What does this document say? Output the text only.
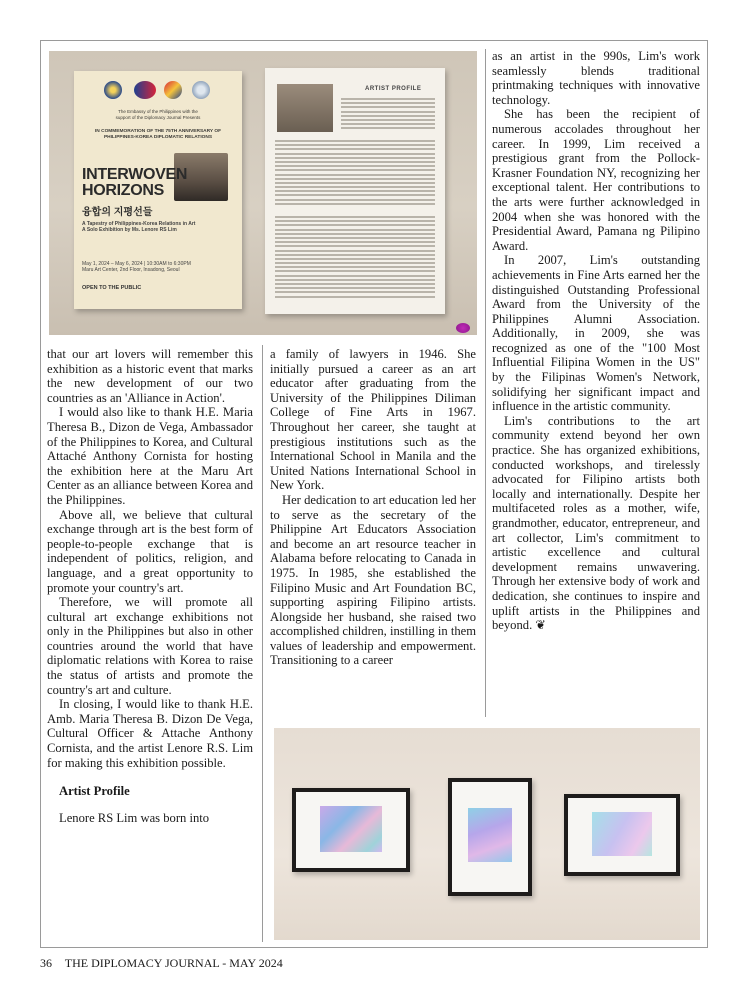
The Embassy of the Philippines with the
support of the Diplomacy Journal Presents
IN COMMEMORATION OF THE 75TH ANNIVERSARY OF PHILIPPINES-KOREA DIPLOMATIC RELATIONS
INTERWOVEN
HORIZONS
융합의 지평선들
A Tapestry of Philippines-Korea Relations in Art
A Solo Exhibition by Ms. Lenore RS Lim
May 1, 2024 – May 6, 2024 | 10:30AM to 6:30PM
Maru Art Center, 2nd Floor, Insadong, Seoul
OPEN TO THE PUBLIC
ARTIST PROFILE

that our art lovers will remember this exhibition as a historic event that marks the new development of our two countries as an 'Alliance in Action'.

I would also like to thank H.E. Maria Theresa B., Dizon de Vega, Ambassador of the Philippines to Korea, and Cultural Attaché Anthony Cornista for hosting the exhibition here at the Maru Art Center as an alliance between Korea and the Philippines.

Above all, we believe that cultural exchange through art is the best form of people-to-people exchange that is independent of politics, religion, and language, and a great opportunity to promote your country's art.

Therefore, we will promote all cultural art exchange exhibitions not only in the Philippines but also in other countries around the world that have diplomatic relations with Korea to raise the status of artists and promote the country's art and culture.

In closing, I would like to thank H.E. Amb. Maria Theresa B. Dizon De Vega, Cultural Officer & Attache Anthony Cornista, and the artist Lenore R.S. Lim for making this exhibition possible.

Artist Profile

Lenore RS Lim was born into

a family of lawyers in 1946. She initially pursued a career as an art educator after graduating from the University of the Philippines Diliman College of Fine Arts in 1967. Throughout her career, she taught at prestigious institutions such as the International School in Manila and the United Nations International School in New York.

Her dedication to art education led her to serve as the secretary of the Philippine Art Educators Association and become an art resource teacher in Alabama before relocating to Canada in 1975. In 1985, she established the Filipino Music and Art Foundation BC, supporting aspiring Filipino artists. Alongside her husband, she raised two accomplished children, instilling in them values of leadership and empowerment. Transitioning to a career

as an artist in the 990s, Lim's work seamlessly blends traditional printmaking techniques with innovative technology.

She has been the recipient of numerous accolades throughout her career. In 1999, Lim received a prestigious grant from the Pollock-Krasner Foundation NY, recognizing her exceptional talent. Her contributions to the arts were further acknowledged in 2004 when she was honored with the Presidential Award, Pamana ng Pilipino Award.

In 2007, Lim's outstanding achievements in Fine Arts earned her the distinguished Outstanding Professional Award from the University of the Philippines Alumni Association. Additionally, in 2009, she was recognized as one of the "100 Most Influential Filipina Women in the US" by the Filipinas Women's Network, solidifying her significant impact and influence in the artistic community.

Lim's contributions to the art community extend beyond her own practice. She has organized exhibitions, conducted workshops, and tirelessly advocated for Filipino artists both locally and internationally. Despite her multifaceted roles as a mother, wife, grandmother, educator, entrepreneur, and art collector, Lim's commitment to artistic excellence and cultural development remains unwavering. Through her extensive body of work and dedication, she continues to inspire and uplift artists in the Philippines and beyond. ❦

36 THE DIPLOMACY JOURNAL - MAY 2024
